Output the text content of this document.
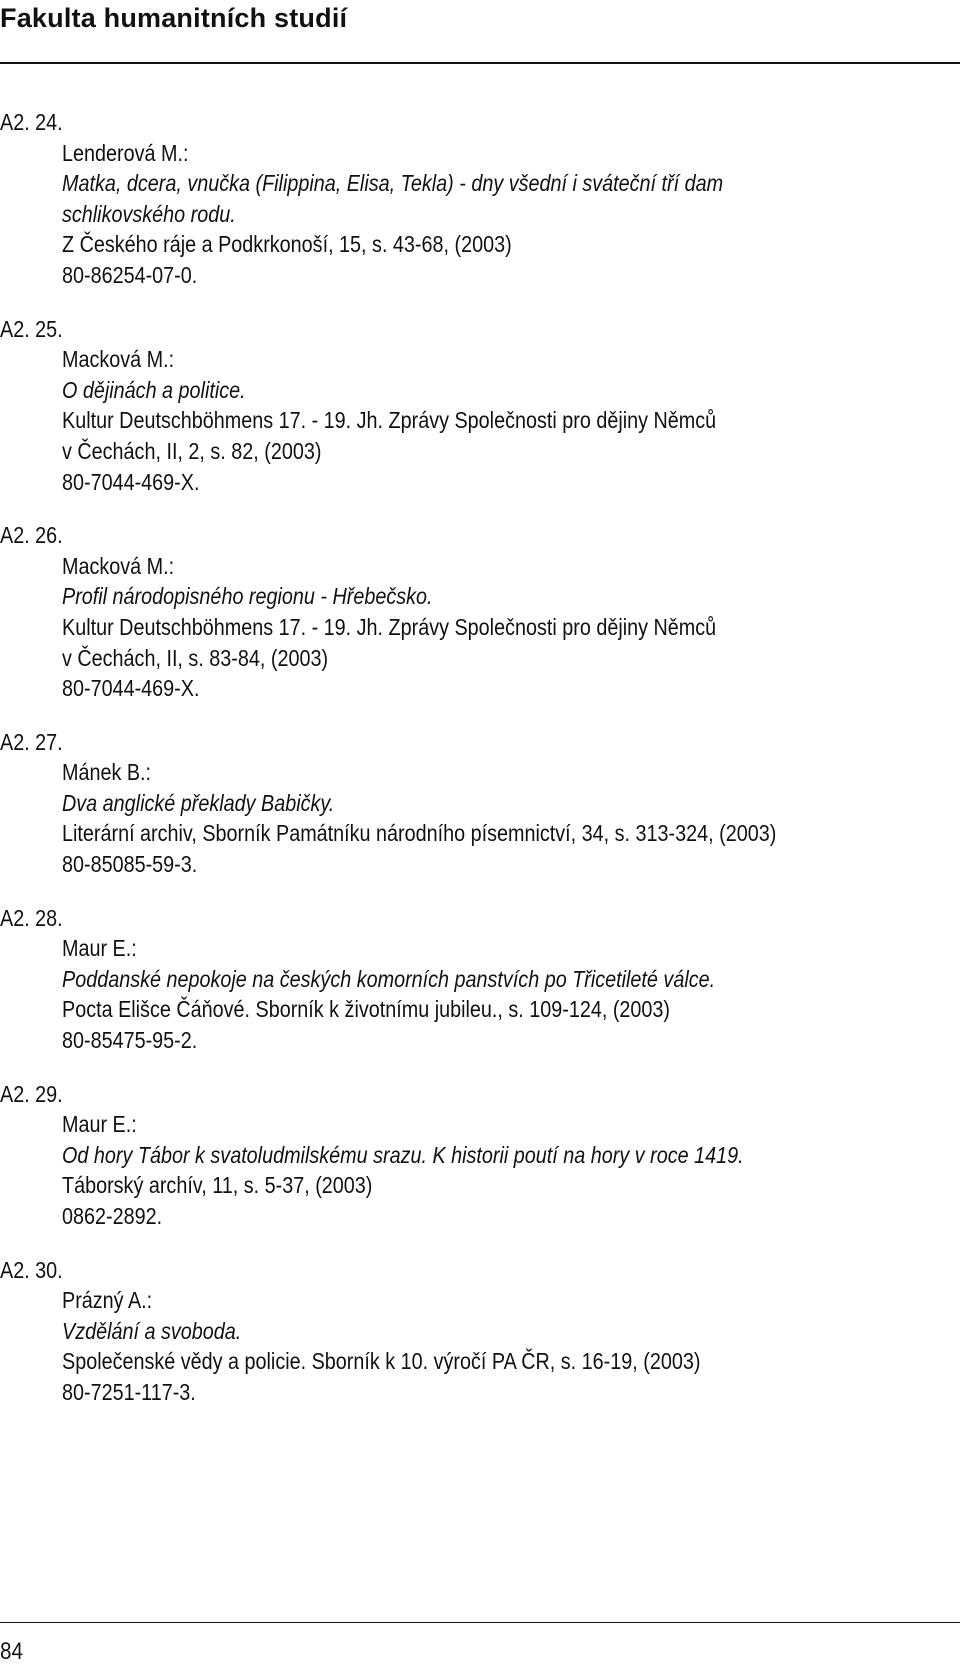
Fakulta humanitních studií
A2. 24.
Lenderová M.:
Matka, dcera, vnučka (Filippina, Elisa, Tekla) - dny všední i sváteční tří dam
schlikovského rodu.
Z Českého ráje a Podkrkonoší, 15, s. 43-68, (2003)
80-86254-07-0.
A2. 25.
Macková M.:
O dějinách a politice.
Kultur Deutschböhmens 17. - 19. Jh. Zprávy Společnosti pro dějiny Němců
v Čechách, II, 2, s. 82, (2003)
80-7044-469-X.
A2. 26.
Macková M.:
Profil národopisného regionu - Hřebečsko.
Kultur Deutschböhmens 17. - 19. Jh. Zprávy Společnosti pro dějiny Němců
v Čechách, II, s. 83-84, (2003)
80-7044-469-X.
A2. 27.
Mánek B.:
Dva anglické překlady Babičky.
Literární archiv, Sborník Památníku národního písemnictví, 34, s. 313-324, (2003)
80-85085-59-3.
A2. 28.
Maur E.:
Poddanské nepokoje na českých komorních panstvích po Třicetileté válce.
Pocta Elišce Čáňové. Sborník k životnímu jubileu., s. 109-124, (2003)
80-85475-95-2.
A2. 29.
Maur E.:
Od hory Tábor k svatoludmilskému srazu. K historii poutí na hory v roce 1419.
Táborský archív, 11, s. 5-37, (2003)
0862-2892.
A2. 30.
Prázný A.:
Vzdělání a svoboda.
Společenské vědy a policie. Sborník k 10. výročí PA ČR, s. 16-19, (2003)
80-7251-117-3.
84
